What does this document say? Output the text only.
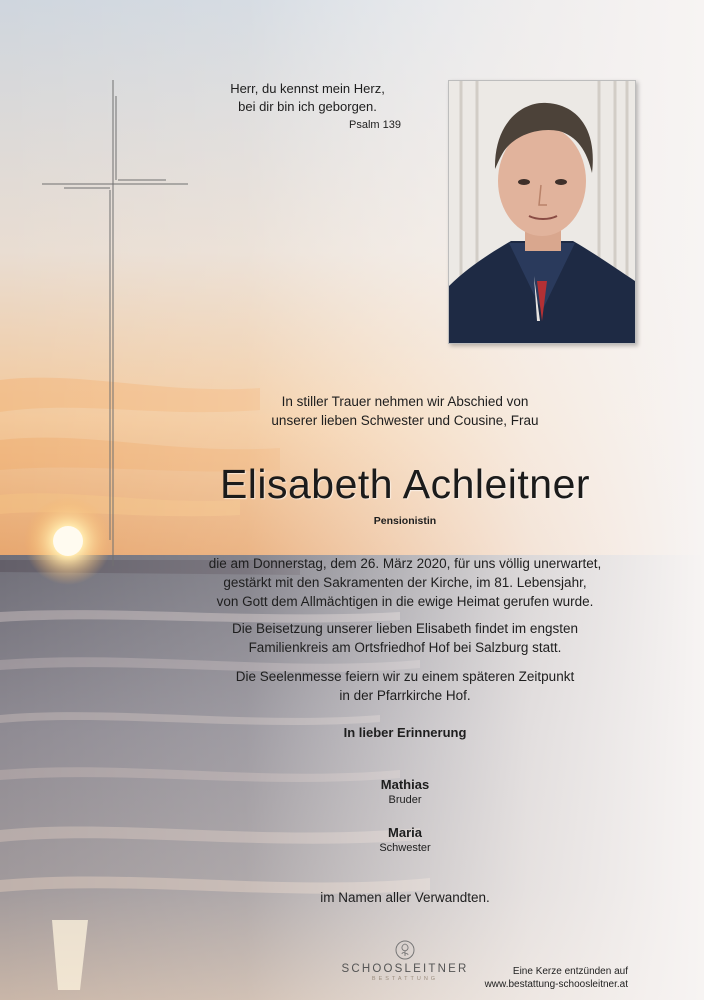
Herr, du kennst mein Herz,
bei dir bin ich geborgen.
Psalm 139
In stiller Trauer nehmen wir Abschied von
unserer lieben Schwester und Cousine, Frau
Elisabeth Achleitner
Pensionistin
die am Donnerstag, dem 26. März 2020, für uns völlig unerwartet,
gestärkt mit den Sakramenten der Kirche, im 81. Lebensjahr,
von Gott dem Allmächtigen in die ewige Heimat gerufen wurde.
Die Beisetzung unserer lieben Elisabeth findet im engsten
Familienkreis am Ortsfriedhof Hof bei Salzburg statt.
Die Seelenmesse feiern wir zu einem späteren Zeitpunkt
in der Pfarrkirche Hof.
In lieber Erinnerung
Mathias
Bruder
Maria
Schwester
im Namen aller Verwandten.
SCHOOSLEITNER
BESTATTUNG
Eine Kerze entzünden auf
www.bestattung-schoosleitner.at
